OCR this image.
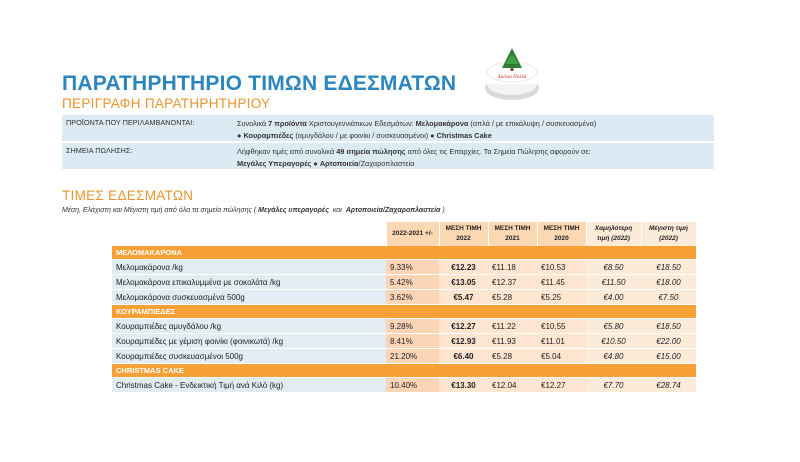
ΠΑΡΑΤΗΡΗΤΗΡΙΟ ΤΙΜΩΝ ΕΔΕΣΜΑΤΩΝ
ΠΕΡΙΓΡΑΦΗ ΠΑΡΑΤΗΡΗΤΗΡΙΟΥ
Χρόνια Πολλά
ΠΡΟΪΟΝΤΑ ΠΟΥ ΠΕΡΙΛΑΜΒΑΝΟΝΤΑΙ:	Συνολικά 7 προϊόντα Χριστουγεννιάτικων Εδεσμάτων: Μελομακάρονα (απλά / με επικάλυψη / συσκευασμένα)
● Κουραμπιέδες (αμυγδάλου / με φοινίκι / συσκευασμένοι) ● Christmas Cake
ΣΗΜΕΙΑ ΠΩΛΗΣΗΣ:	Λήφθηκαν τιμές από συνολικά 49 σημεία πώλησης από όλες τις Επαρχίες. Τα Σημεία Πώλησης αφορούν σε:
Μεγάλες Υπεραγορές ● Αρτοποιεία/Ζαχαροπλαστεία
ΤΙΜΕΣ ΕΔΕΣΜΑΤΩΝ
Μέση, Ελάχιστη και Μέγιστη τιμή από όλα τα σημεία πώλησης ( Μεγάλες υπεραγορές  και  Αρτοποιεία/Ζαχαροπλαστεία )
	2022-2021 +/-	ΜΕΣΗ ΤΙΜΗ 2022	ΜΕΣΗ ΤΙΜΗ 2021	ΜΕΣΗ ΤΙΜΗ 2020	Χαμηλότερη τιμή (2022)	Μέγιστη τιμή (2022)
ΜΕΛΟΜΑΚΑΡΟΝΑ						
Μελομακάρονα /kg	9.33%	€12.23	€11.18	€10.53	€8.50	€18.50
Μελομακάρονα επικαλυμμένα με σοκολάτα /kg	5.42%	€13.05	€12.37	€11.45	€11.50	€18.00
Μελομακάρονα συσκευασμένα 500g	3.62%	€5.47	€5.28	€5.25	€4.00	€7.50
ΚΟΥΡΑΜΠΙΕΔΕΣ						
Κουραμπιέδες αμυγδάλου /kg	9.28%	€12.27	€11.22	€10.55	€5.80	€18.50
Κουραμπιέδες με γέμιση φοινίκι (φοινικωτά) /kg	8.41%	€12.93	€11.93	€11.01	€10.50	€22.00
Κουραμπιέδες συσκευασμένοι 500g	21.20%	€6.40	€5.28	€5.04	€4.80	€15.00
CHRISTMAS CAKE						
Christmas Cake - Ενδεικτική Τιμή ανά Κιλό (kg)	10.40%	€13.30	€12.04	€12.27	€7.70	€28.74
